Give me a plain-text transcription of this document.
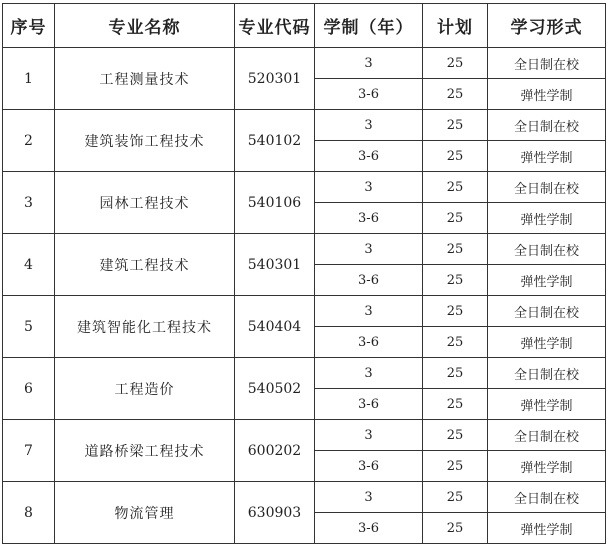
序号	专业名称	专业代码	学制（年）	计划	学习形式
1	工程测量技术	520301	3	25	全日制在校
			3-6	25	弹性学制
2	建筑装饰工程技术	540102	3	25	全日制在校
			3-6	25	弹性学制
3	园林工程技术	540106	3	25	全日制在校
			3-6	25	弹性学制
4	建筑工程技术	540301	3	25	全日制在校
			3-6	25	弹性学制
5	建筑智能化工程技术	540404	3	25	全日制在校
			3-6	25	弹性学制
6	工程造价	540502	3	25	全日制在校
			3-6	25	弹性学制
7	道路桥梁工程技术	600202	3	25	全日制在校
			3-6	25	弹性学制
8	物流管理	630903	3	25	全日制在校
			3-6	25	弹性学制
